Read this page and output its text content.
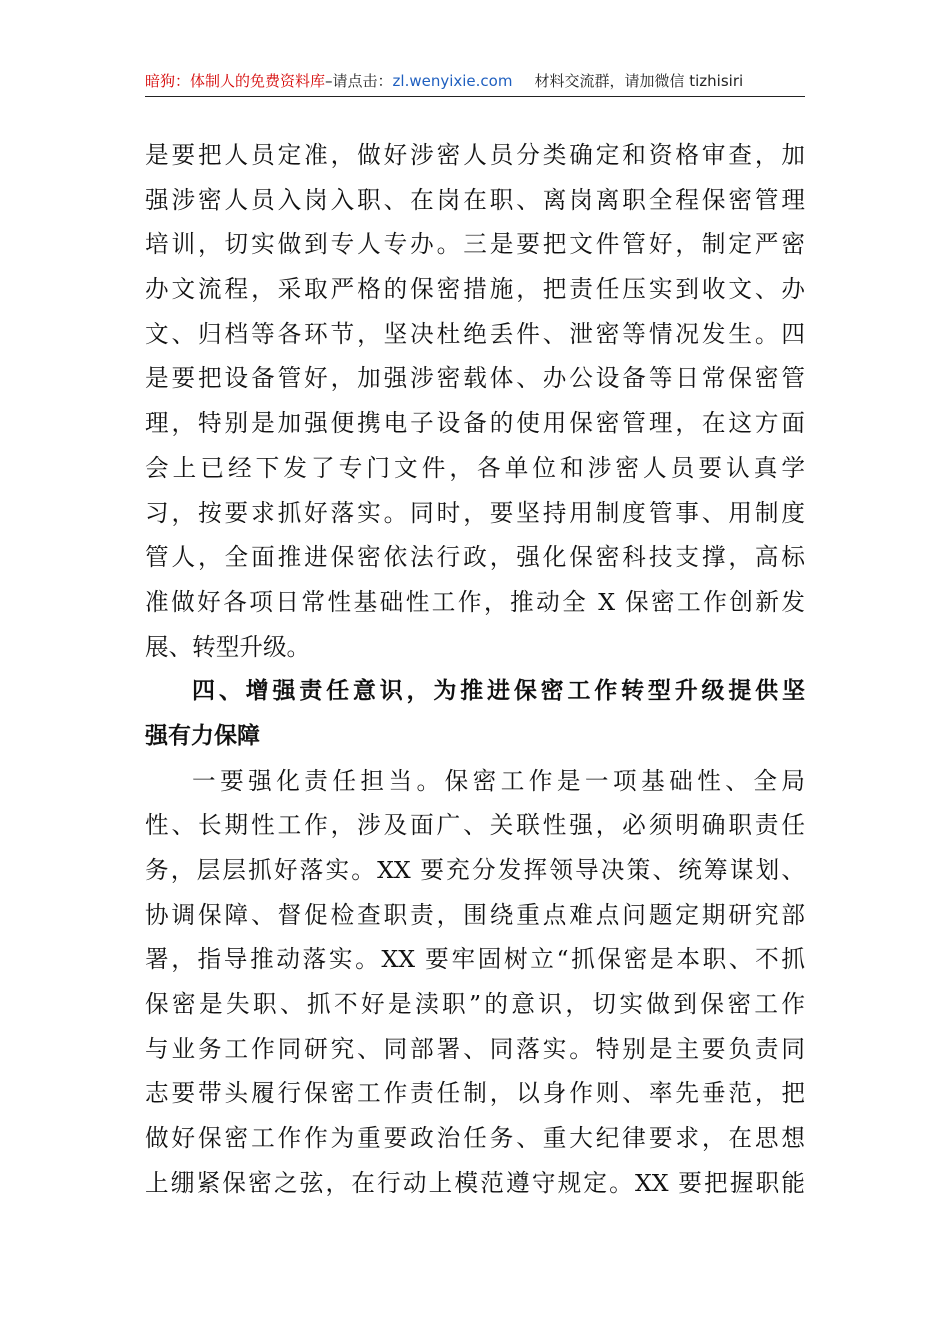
暗狗：体制人的免费资料库–请点击：zl.wenyixie.com 材料交流群，请加微信 tizhisiri
是要把人员定准，做好涉密人员分类确定和资格审查，加
强涉密人员入岗入职、在岗在职、离岗离职全程保密管理
培训，切实做到专人专办。三是要把文件管好，制定严密
办文流程，采取严格的保密措施，把责任压实到收文、办
文、归档等各环节，坚决杜绝丢件、泄密等情况发生。四
是要把设备管好，加强涉密载体、办公设备等日常保密管
理，特别是加强便携电子设备的使用保密管理，在这方面
会上已经下发了专门文件，各单位和涉密人员要认真学
习，按要求抓好落实。同时，要坚持用制度管事、用制度
管人，全面推进保密依法行政，强化保密科技支撑，高标
准做好各项日常性基础性工作，推动全 X 保密工作创新发
展、转型升级。
四、增强责任意识，为推进保密工作转型升级提供坚
强有力保障
一要强化责任担当。保密工作是一项基础性、全局
性、长期性工作，涉及面广、关联性强，必须明确职责任
务，层层抓好落实。XX 要充分发挥领导决策、统筹谋划、
协调保障、督促检查职责，围绕重点难点问题定期研究部
署，指导推动落实。XX 要牢固树立“抓保密是本职、不抓
保密是失职、抓不好是渎职”的意识，切实做到保密工作
与业务工作同研究、同部署、同落实。特别是主要负责同
志要带头履行保密工作责任制，以身作则、率先垂范，把
做好保密工作作为重要政治任务、重大纪律要求，在思想
上绷紧保密之弦，在行动上模范遵守规定。XX 要把握职能
